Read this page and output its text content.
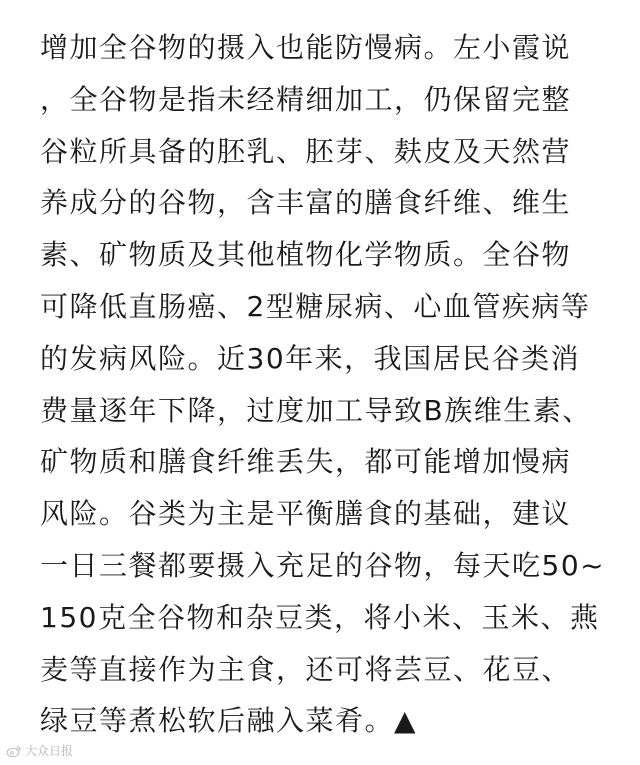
增加全谷物的摄入也能防慢病。左小霞说
，全谷物是指未经精细加工，仍保留完整
谷粒所具备的胚乳、胚芽、麸皮及天然营
养成分的谷物，含丰富的膳食纤维、维生
素、矿物质及其他植物化学物质。全谷物
可降低直肠癌、2型糖尿病、心血管疾病等
的发病风险。近30年来，我国居民谷类消
费量逐年下降，过度加工导致B族维生素、
矿物质和膳食纤维丢失，都可能增加慢病
风险。谷类为主是平衡膳食的基础，建议
一日三餐都要摄入充足的谷物，每天吃50~
150克全谷物和杂豆类，将小米、玉米、燕
麦等直接作为主食，还可将芸豆、花豆、
绿豆等煮松软后融入菜肴。▲
大众日报
